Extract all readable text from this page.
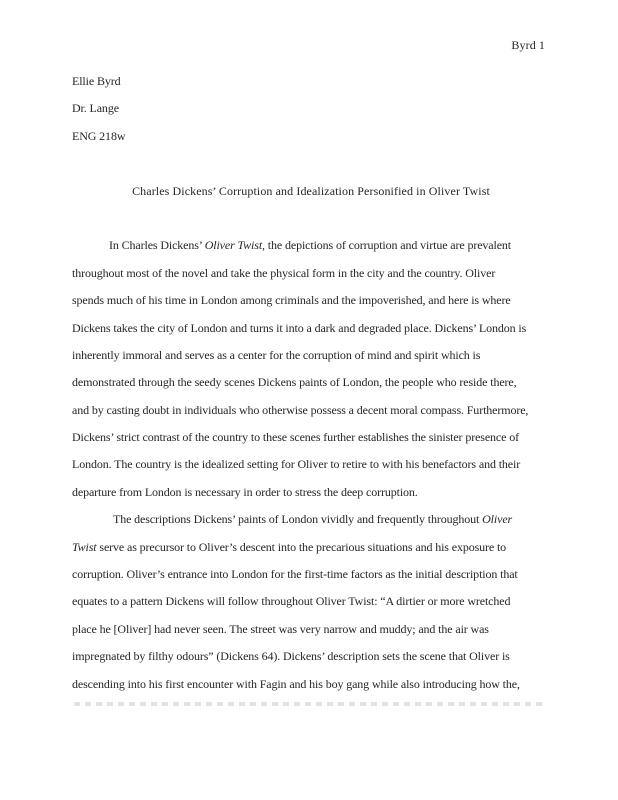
Byrd 1
Ellie Byrd
Dr. Lange
ENG 218w
Charles Dickens’ Corruption and Idealization Personified in Oliver Twist
In Charles Dickens’ Oliver Twist, the depictions of corruption and virtue are prevalent
throughout most of the novel and take the physical form in the city and the country. Oliver
spends much of his time in London among criminals and the impoverished, and here is where
Dickens takes the city of London and turns it into a dark and degraded place. Dickens’ London is
inherently immoral and serves as a center for the corruption of mind and spirit which is
demonstrated through the seedy scenes Dickens paints of London, the people who reside there,
and by casting doubt in individuals who otherwise possess a decent moral compass. Furthermore,
Dickens’ strict contrast of the country to these scenes further establishes the sinister presence of
London. The country is the idealized setting for Oliver to retire to with his benefactors and their
departure from London is necessary in order to stress the deep corruption.
The descriptions Dickens’ paints of London vividly and frequently throughout Oliver
Twist serve as precursor to Oliver’s descent into the precarious situations and his exposure to
corruption. Oliver’s entrance into London for the first-time factors as the initial description that
equates to a pattern Dickens will follow throughout Oliver Twist: “A dirtier or more wretched
place he [Oliver] had never seen. The street was very narrow and muddy; and the air was
impregnated by filthy odours” (Dickens 64). Dickens’ description sets the scene that Oliver is
descending into his first encounter with Fagin and his boy gang while also introducing how the,
